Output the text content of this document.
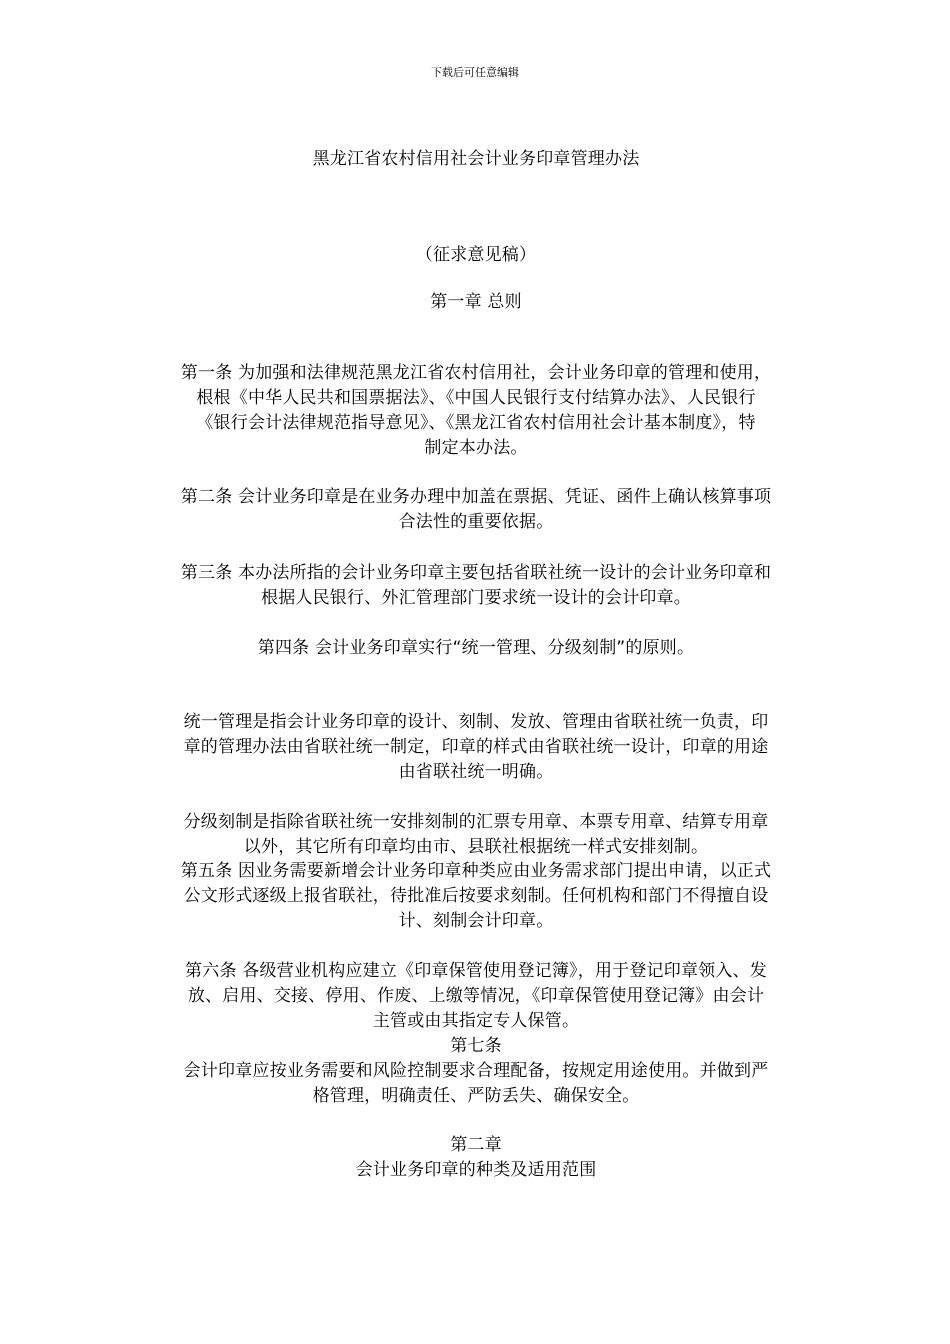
下载后可任意编辑

黑龙江省农村信用社会计业务印章管理办法

（征求意见稿）

第一章 总则

第一条 为加强和法律规范黑龙江省农村信用社，会计业务印章的管理和使用，

根根《中华人民共和国票据法》、《中国人民银行支付结算办法》、人民银行

《银行会计法律规范指导意见》、《黑龙江省农村信用社会计基本制度》，特

制定本办法。

第二条 会计业务印章是在业务办理中加盖在票据、凭证、函件上确认核算事项

合法性的重要依据。

第三条 本办法所指的会计业务印章主要包括省联社统一设计的会计业务印章和

根据人民银行、外汇管理部门要求统一设计的会计印章。

第四条 会计业务印章实行“统一管理、分级刻制”的原则。

统一管理是指会计业务印章的设计、刻制、发放、管理由省联社统一负责，印

章的管理办法由省联社统一制定，印章的样式由省联社统一设计，印章的用途

由省联社统一明确。

分级刻制是指除省联社统一安排刻制的汇票专用章、本票专用章、结算专用章

以外，其它所有印章均由市、县联社根据统一样式安排刻制。

第五条 因业务需要新增会计业务印章种类应由业务需求部门提出申请，以正式

公文形式逐级上报省联社，待批准后按要求刻制。任何机构和部门不得擅自设

计、刻制会计印章。

第六条 各级营业机构应建立《印章保管使用登记簿》，用于登记印章领入、发

放、启用、交接、停用、作废、上缴等情况，《印章保管使用登记簿》由会计

主管或由其指定专人保管。

第七条

会计印章应按业务需要和风险控制要求合理配备，按规定用途使用。并做到严

格管理，明确责任、严防丢失、确保安全。

第二章

会计业务印章的种类及适用范围
